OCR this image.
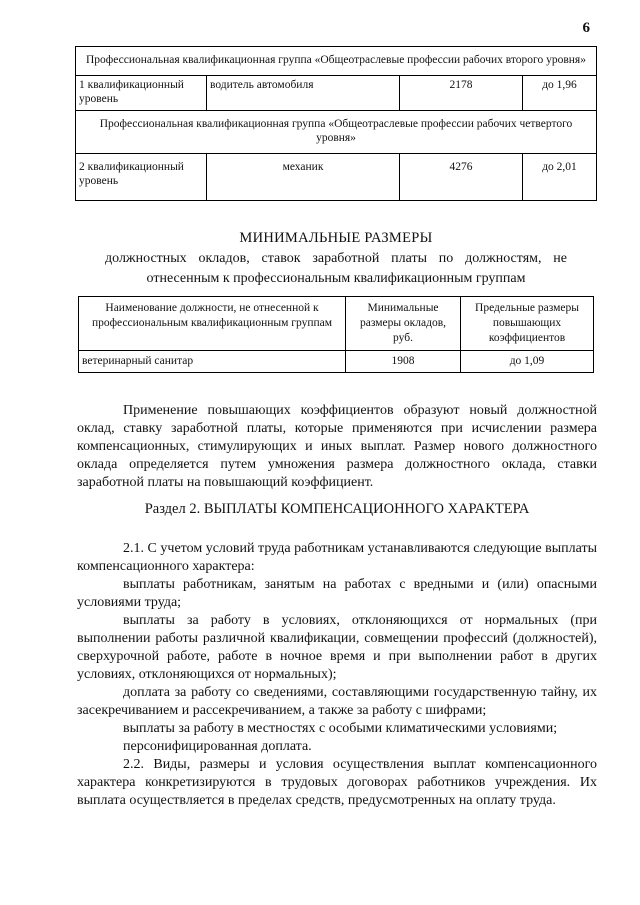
6
Профессиональная квалификационная группа «Общеотраслевые профессии рабочих второго уровня»			
1 квалификационный уровень	водитель автомобиля	2178	до 1,96
Профессиональная квалификационная группа «Общеотраслевые профессии рабочих четвертого уровня»			
2 квалификационный уровень	механик	4276	до 2,01
МИНИМАЛЬНЫЕ РАЗМЕРЫ
должностных окладов, ставок заработной платы по должностям, не отнесенным к профессиональным квалификационным группам
Наименование должности, не отнесенной к профессиональным квалификационным группам	Минимальные размеры окладов, руб.	Предельные размеры повышающих коэффициентов
ветеринарный санитар	1908	до 1,09

Применение повышающих коэффициентов образуют новый должностной оклад, ставку заработной платы, которые применяются при исчислении размера компенсационных, стимулирующих и иных выплат. Размер нового должностного оклада определяется путем умножения размера должностного оклада, ставки заработной платы на повышающий коэффициент.

Раздел 2. ВЫПЛАТЫ КОМПЕНСАЦИОННОГО ХАРАКТЕРА

2.1. С учетом условий труда работникам устанавливаются следующие выплаты компенсационного характера:

выплаты работникам, занятым на работах с вредными и (или) опасными условиями труда;

выплаты за работу в условиях, отклоняющихся от нормальных (при выполнении работы различной квалификации, совмещении профессий (должностей), сверхурочной работе, работе в ночное время и при выполнении работ в других условиях, отклоняющихся от нормальных);

доплата за работу со сведениями, составляющими государственную тайну, их засекречиванием и рассекречиванием, а также за работу с шифрами;

выплаты за работу в местностях с особыми климатическими условиями;

персонифицированная доплата.

2.2. Виды, размеры и условия осуществления выплат компенсационного характера конкретизируются в трудовых договорах работников учреждения. Их выплата осуществляется в пределах средств, предусмотренных на оплату труда.
